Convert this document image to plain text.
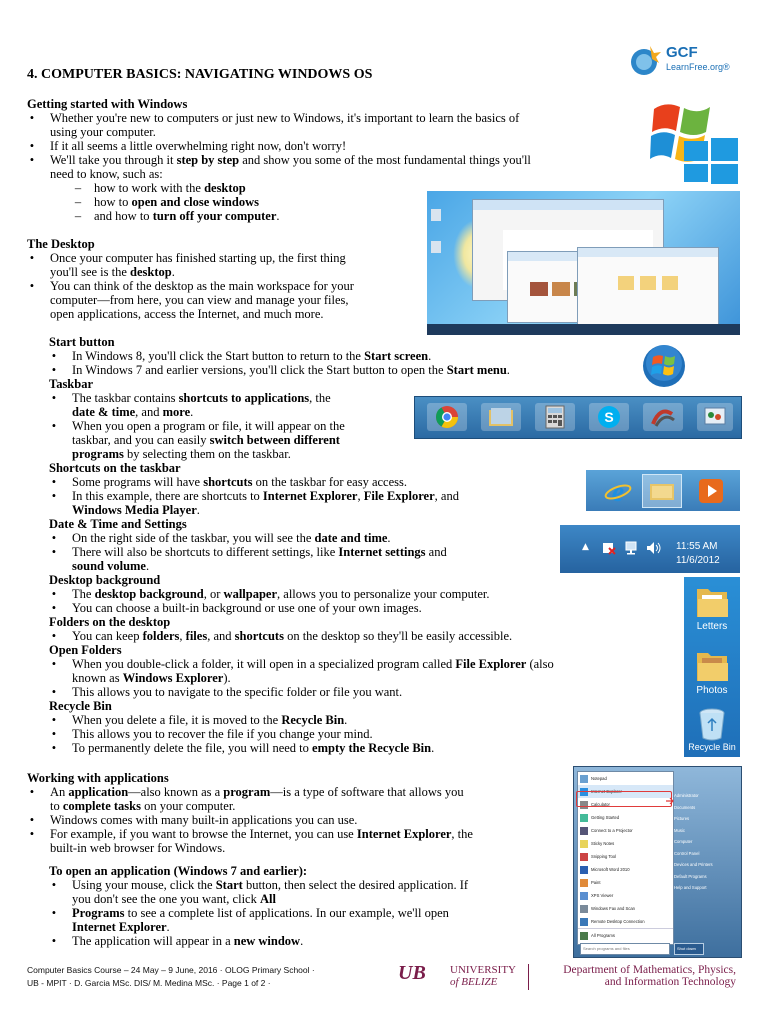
GCF
LearnFree.org®
4. COMPUTER BASICS: NAVIGATING WINDOWS OS
Getting started with Windows
• Whether you're new to computers or just new to Windows, it's important to learn the basics of
using your computer.
• If it all seems a little overwhelming right now, don't worry!
• We'll take you through it step by step and show you some of the most fundamental things you'll
need to know, such as:
– how to work with the desktop
– how to open and close windows
– and how to turn off your computer.
The Desktop
• Once your computer has finished starting up, the first thing
you'll see is the desktop.
• You can think of the desktop as the main workspace for your
computer—from here, you can view and manage your files,
open applications, access the Internet, and much more.
Start button
• In Windows 8, you'll click the Start button to return to the Start screen.
• In Windows 7 and earlier versions, you'll click the Start button to open the Start menu.
Taskbar
• The taskbar contains shortcuts to applications, the
date & time, and more.
• When you open a program or file, it will appear on the
taskbar, and you can easily switch between different
programs by selecting them on the taskbar.
S
Shortcuts on the taskbar
• Some programs will have shortcuts on the taskbar for easy access.
• In this example, there are shortcuts to Internet Explorer, File Explorer, and
Windows Media Player.
e
Date & Time and Settings
• On the right side of the taskbar, you will see the date and time.
• There will also be shortcuts to different settings, like Internet settings and
sound volume.
▲	11:55 AM
11/6/2012
Desktop background
• The desktop background, or wallpaper, allows you to personalize your computer.
• You can choose a built-in background or use one of your own images.
Folders on the desktop
• You can keep folders, files, and shortcuts on the desktop so they'll be easily accessible.
Open Folders
• When you double-click a folder, it will open in a specialized program called File Explorer (also
known as Windows Explorer).
• This allows you to navigate to the specific folder or file you want.
Recycle Bin
• When you delete a file, it is moved to the Recycle Bin.
• This allows you to recover the file if you change your mind.
• To permanently delete the file, you will need to empty the Recycle Bin.
Letters
Photos
Recycle Bin
Working with applications
• An application—also known as a program—is a type of software that allows you
to complete tasks on your computer.
• Windows comes with many built-in applications you can use.
• For example, if you want to browse the Internet, you can use Internet Explorer, the
built-in web browser for Windows.
To open an application (Windows 7 and earlier):
• Using your mouse, click the Start button, then select the desired application. If
you don't see the one you want, click All
• Programs to see a complete list of applications. In our example, we'll open
Internet Explorer.
• The application will appear in a new window.
Notepad
Internet Explorer
Calculator
Getting Started
Connect to a Projector
Sticky Notes
Snipping Tool
Microsoft Word 2010
Paint
XPS Viewer
Windows Fax and Scan
Remote Desktop Connection
All Programs
Administrator
Documents
Pictures
Music
Computer
Control Panel
Devices and Printers
Default Programs
Help and Support
Search programs and files	Shut down
Computer Basics Course – 24 May – 9 June, 2016 · OLOG Primary School ·
UB - MPIT · D. Garcia MSc. DIS/ M. Medina MSc. · Page 1 of 2 ·	UB	UNIVERSITY
of BELIZE
Department of Mathematics, Physics,
and Information Technology
